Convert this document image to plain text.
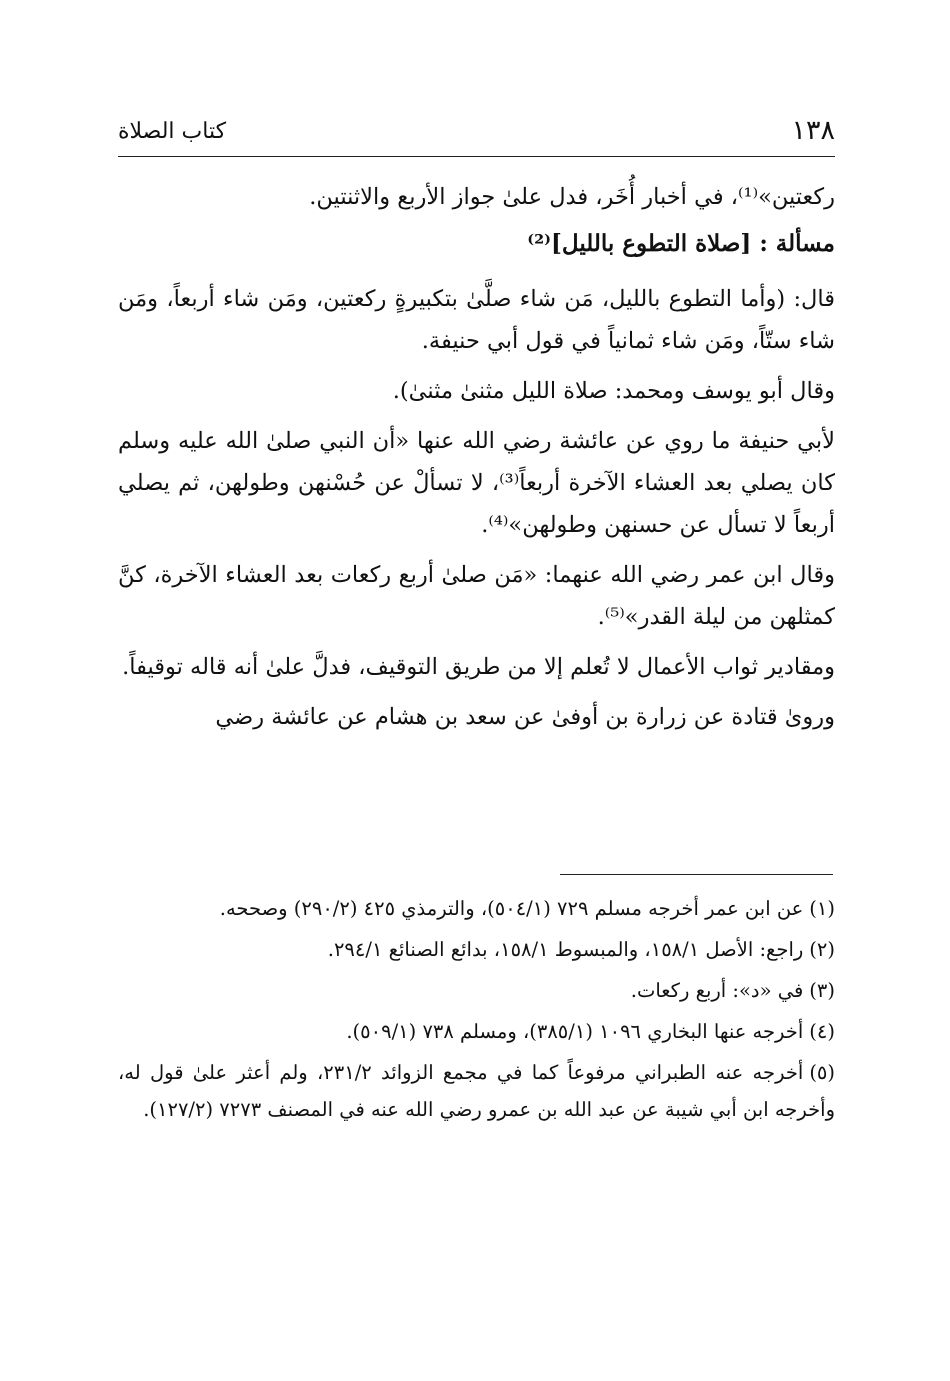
١٣٨
كتاب الصلاة

ركعتين»⁽¹⁾، في أخبار أُخَر، فدل علىٰ جواز الأربع والاثنتين.

مسألة :[صلاة التطوع بالليل]⁽²⁾

قال: (وأما التطوع بالليل، مَن شاء صلَّىٰ بتكبيرةٍ ركعتين، ومَن شاء أربعاً، ومَن شاء ستّاً، ومَن شاء ثمانياً في قول أبي حنيفة.

وقال أبو يوسف ومحمد: صلاة الليل مثنىٰ مثنىٰ).

لأبي حنيفة ما روي عن عائشة رضي الله عنها «أن النبي صلىٰ الله عليه وسلم كان يصلي بعد العشاء الآخرة أربعاً⁽³⁾، لا تسألْ عن حُسْنهن وطولهن، ثم يصلي أربعاً لا تسأل عن حسنهن وطولهن»⁽⁴⁾.

وقال ابن عمر رضي الله عنهما: «مَن صلىٰ أربع ركعات بعد العشاء الآخرة، كنَّ كمثلهن من ليلة القدر»⁽⁵⁾.

ومقادير ثواب الأعمال لا تُعلم إلا من طريق التوقيف، فدلَّ علىٰ أنه قاله توقيفاً.

وروىٰ قتادة عن زرارة بن أوفىٰ عن سعد بن هشام عن عائشة رضي

(١)عن ابن عمر أخرجه مسلم ٧٢٩ (٥٠٤/١)، والترمذي ٤٢٥ (٢٩٠/٢) وصححه.

(٢)راجع: الأصل ١٥٨/١، والمبسوط ١٥٨/١، بدائع الصنائع ٢٩٤/١.

(٣)في «د»: أربع ركعات.

(٤)أخرجه عنها البخاري ١٠٩٦ (٣٨٥/١)، ومسلم ٧٣٨ (٥٠٩/١).

(٥)أخرجه عنه الطبراني مرفوعاً كما في مجمع الزوائد ٢٣١/٢، ولم أعثر علىٰ قول له، وأخرجه ابن أبي شيبة عن عبد الله بن عمرو رضي الله عنه في المصنف ٧٢٧٣ (١٢٧/٢).
